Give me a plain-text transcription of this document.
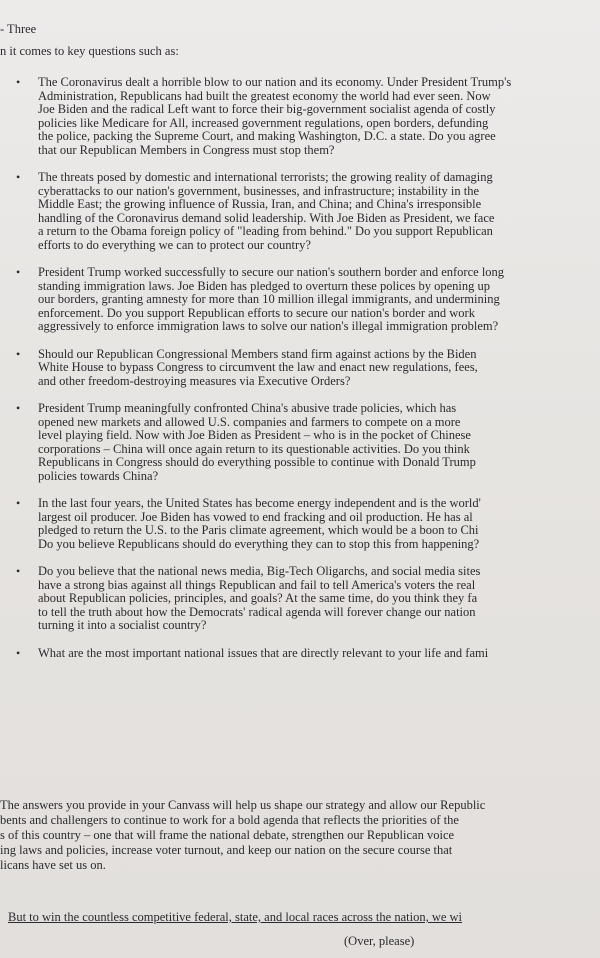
- Three
n it comes to key questions such as:
• The Coronavirus dealt a horrible blow to our nation and its economy. Under President Trump's
Administration, Republicans had built the greatest economy the world had ever seen. Now
Joe Biden and the radical Left want to force their big-government socialist agenda of costly
policies like Medicare for All, increased government regulations, open borders, defunding
the police, packing the Supreme Court, and making Washington, D.C. a state. Do you agree
that our Republican Members in Congress must stop them?
• The threats posed by domestic and international terrorists; the growing reality of damaging
cyberattacks to our nation's government, businesses, and infrastructure; instability in the
Middle East; the growing influence of Russia, Iran, and China; and China's irresponsible
handling of the Coronavirus demand solid leadership. With Joe Biden as President, we face
a return to the Obama foreign policy of "leading from behind." Do you support Republican
efforts to do everything we can to protect our country?
• President Trump worked successfully to secure our nation's southern border and enforce long
standing immigration laws. Joe Biden has pledged to overturn these polices by opening up
our borders, granting amnesty for more than 10 million illegal immigrants, and undermining
enforcement. Do you support Republican efforts to secure our nation's border and work
aggressively to enforce immigration laws to solve our nation's illegal immigration problem?
• Should our Republican Congressional Members stand firm against actions by the Biden
White House to bypass Congress to circumvent the law and enact new regulations, fees,
and other freedom-destroying measures via Executive Orders?
• President Trump meaningfully confronted China's abusive trade policies, which has
opened new markets and allowed U.S. companies and farmers to compete on a more
level playing field. Now with Joe Biden as President – who is in the pocket of Chinese
corporations – China will once again return to its questionable activities. Do you think
Republicans in Congress should do everything possible to continue with Donald Trump
policies towards China?
• In the last four years, the United States has become energy independent and is the world'
largest oil producer. Joe Biden has vowed to end fracking and oil production. He has al
pledged to return the U.S. to the Paris climate agreement, which would be a boon to Chi
Do you believe Republicans should do everything they can to stop this from happening?
• Do you believe that the national news media, Big-Tech Oligarchs, and social media sites
have a strong bias against all things Republican and fail to tell America's voters the real
about Republican policies, principles, and goals? At the same time, do you think they fa
to tell the truth about how the Democrats' radical agenda will forever change our nation
turning it into a socialist country?
• What are the most important national issues that are directly relevant to your life and fami
The answers you provide in your Canvass will help us shape our strategy and allow our Republic
bents and challengers to continue to work for a bold agenda that reflects the priorities of the
s of this country – one that will frame the national debate, strengthen our Republican voice
ing laws and policies, increase voter turnout, and keep our nation on the secure course that
licans have set us on.
But to win the countless competitive federal, state, and local races across the nation, we wi
(Over, please)
